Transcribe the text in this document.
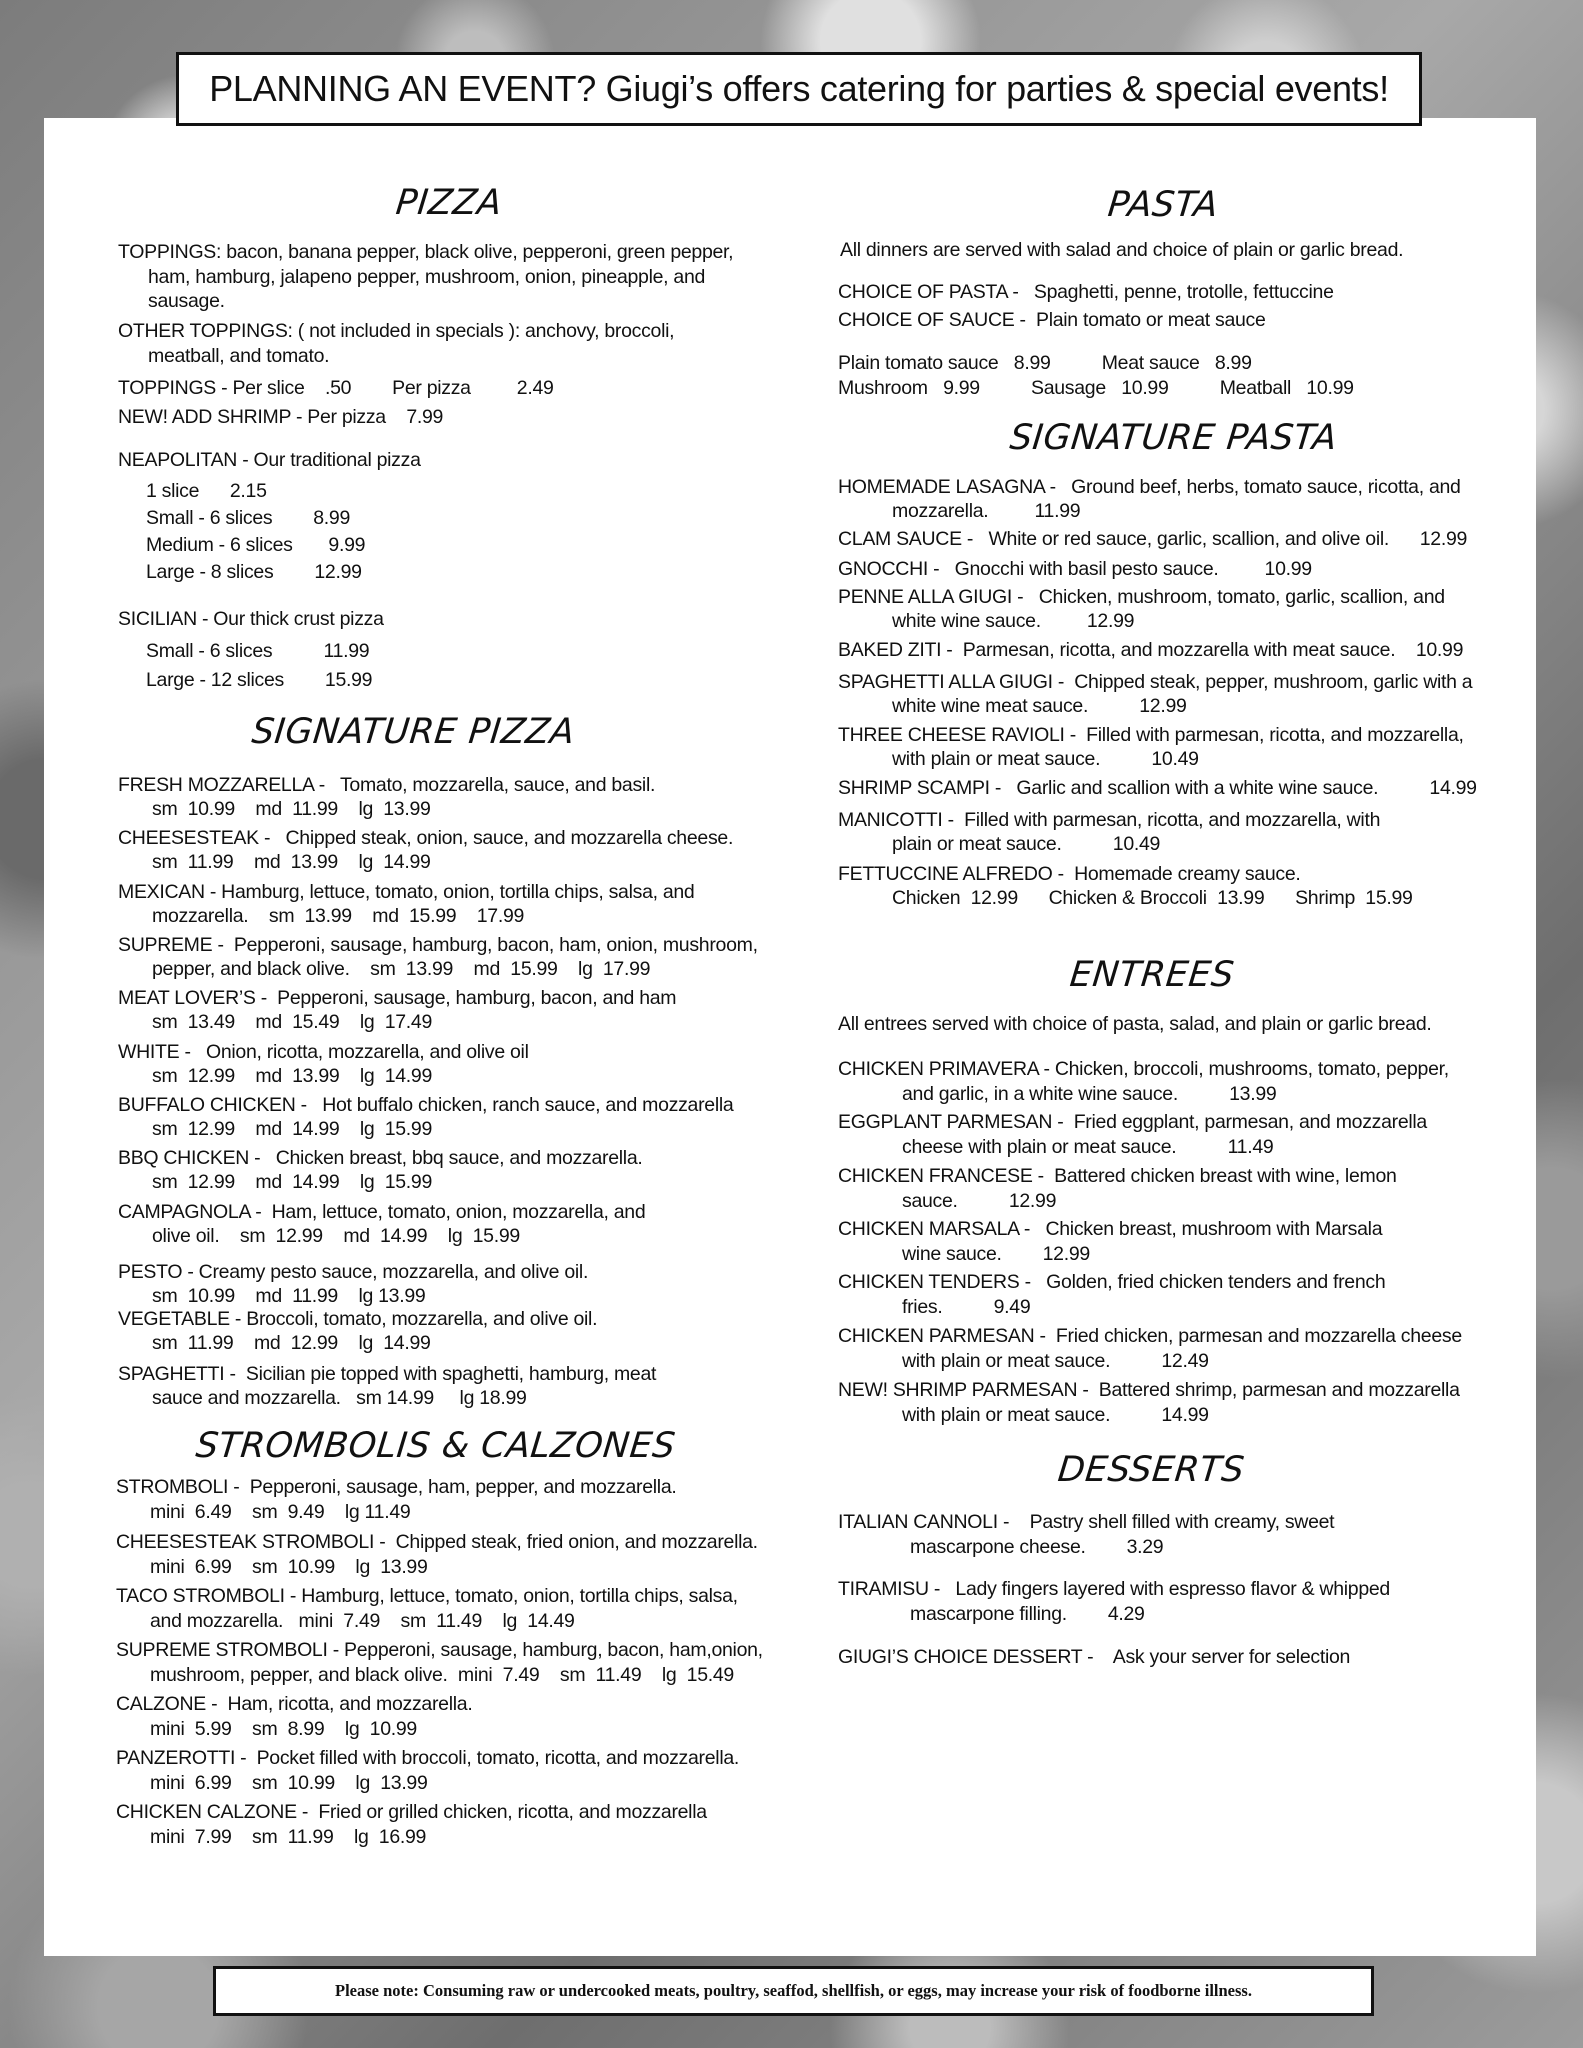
PLANNING AN EVENT? Giugi’s offers catering for parties & special events!
PIZZA
TOPPINGS: bacon, banana pepper, black olive, pepperoni, green pepper,
ham, hamburg, jalapeno pepper, mushroom, onion, pineapple, and
sausage.
OTHER TOPPINGS: ( not included in specials ): anchovy, broccoli,
meatball, and tomato.
TOPPINGS - Per slice    .50        Per pizza         2.49
NEW! ADD SHRIMP - Per pizza    7.99
NEAPOLITAN - Our traditional pizza
1 slice      2.15
Small - 6 slices        8.99
Medium - 6 slices       9.99
Large - 8 slices        12.99
SICILIAN - Our thick crust pizza
Small - 6 slices          11.99
Large - 12 slices        15.99
SIGNATURE PIZZA
FRESH MOZZARELLA -   Tomato, mozzarella, sauce, and basil.
sm  10.99    md  11.99    lg  13.99
CHEESESTEAK -   Chipped steak, onion, sauce, and mozzarella cheese.
sm  11.99    md  13.99    lg  14.99
MEXICAN - Hamburg, lettuce, tomato, onion, tortilla chips, salsa, and
mozzarella.    sm  13.99    md  15.99    17.99
SUPREME -  Pepperoni, sausage, hamburg, bacon, ham, onion, mushroom,
pepper, and black olive.    sm  13.99    md  15.99    lg  17.99
MEAT LOVER’S -  Pepperoni, sausage, hamburg, bacon, and ham
sm  13.49    md  15.49    lg  17.49
WHITE -   Onion, ricotta, mozzarella, and olive oil
sm  12.99    md  13.99    lg  14.99
BUFFALO CHICKEN -   Hot buffalo chicken, ranch sauce, and mozzarella
sm  12.99    md  14.99    lg  15.99
BBQ CHICKEN -   Chicken breast, bbq sauce, and mozzarella.
sm  12.99    md  14.99    lg  15.99
CAMPAGNOLA -  Ham, lettuce, tomato, onion, mozzarella, and
olive oil.    sm  12.99    md  14.99    lg  15.99
PESTO - Creamy pesto sauce, mozzarella, and olive oil.
sm  10.99    md  11.99    lg 13.99
VEGETABLE - Broccoli, tomato, mozzarella, and olive oil.
sm  11.99    md  12.99    lg  14.99
SPAGHETTI -  Sicilian pie topped with spaghetti, hamburg, meat
sauce and mozzarella.   sm 14.99     lg 18.99
STROMBOLIS & CALZONES
STROMBOLI -  Pepperoni, sausage, ham, pepper, and mozzarella.
mini  6.49    sm  9.49    lg 11.49
CHEESESTEAK STROMBOLI -  Chipped steak, fried onion, and mozzarella.
mini  6.99    sm  10.99    lg  13.99
TACO STROMBOLI - Hamburg, lettuce, tomato, onion, tortilla chips, salsa,
and mozzarella.   mini  7.49    sm  11.49    lg  14.49
SUPREME STROMBOLI - Pepperoni, sausage, hamburg, bacon, ham,onion,
mushroom, pepper, and black olive.  mini  7.49    sm  11.49    lg  15.49
CALZONE -  Ham, ricotta, and mozzarella.
mini  5.99    sm  8.99    lg  10.99
PANZEROTTI -  Pocket filled with broccoli, tomato, ricotta, and mozzarella.
mini  6.99    sm  10.99    lg  13.99
CHICKEN CALZONE -  Fried or grilled chicken, ricotta, and mozzarella
mini  7.99    sm  11.99    lg  16.99
PASTA
All dinners are served with salad and choice of plain or garlic bread.
CHOICE OF PASTA -   Spaghetti, penne, trotolle, fettuccine
CHOICE OF SAUCE -  Plain tomato or meat sauce
Plain tomato sauce   8.99          Meat sauce   8.99
Mushroom   9.99          Sausage   10.99          Meatball   10.99
SIGNATURE PASTA
HOMEMADE LASAGNA -   Ground beef, herbs, tomato sauce, ricotta, and
mozzarella.         11.99
CLAM SAUCE -   White or red sauce, garlic, scallion, and olive oil.      12.99
GNOCCHI -   Gnocchi with basil pesto sauce.         10.99
PENNE ALLA GIUGI -   Chicken, mushroom, tomato, garlic, scallion, and
white wine sauce.         12.99
BAKED ZITI -  Parmesan, ricotta, and mozzarella with meat sauce.    10.99
SPAGHETTI ALLA GIUGI -  Chipped steak, pepper, mushroom, garlic with a
white wine meat sauce.          12.99
THREE CHEESE RAVIOLI -  Filled with parmesan, ricotta, and mozzarella,
with plain or meat sauce.          10.49
SHRIMP SCAMPI -   Garlic and scallion with a white wine sauce.          14.99
MANICOTTI -  Filled with parmesan, ricotta, and mozzarella, with
plain or meat sauce.          10.49
FETTUCCINE ALFREDO -  Homemade creamy sauce.
Chicken  12.99      Chicken & Broccoli  13.99      Shrimp  15.99
ENTREES
All entrees served with choice of pasta, salad, and plain or garlic bread.
CHICKEN PRIMAVERA - Chicken, broccoli, mushrooms, tomato, pepper,
and garlic, in a white wine sauce.          13.99
EGGPLANT PARMESAN -  Fried eggplant, parmesan, and mozzarella
cheese with plain or meat sauce.          11.49
CHICKEN FRANCESE -  Battered chicken breast with wine, lemon
sauce.          12.99
CHICKEN MARSALA -   Chicken breast, mushroom with Marsala
wine sauce.        12.99
CHICKEN TENDERS -   Golden, fried chicken tenders and french
fries.          9.49
CHICKEN PARMESAN -  Fried chicken, parmesan and mozzarella cheese
with plain or meat sauce.          12.49
NEW! SHRIMP PARMESAN -  Battered shrimp, parmesan and mozzarella
with plain or meat sauce.          14.99
DESSERTS
ITALIAN CANNOLI -    Pastry shell filled with creamy, sweet
mascarpone cheese.        3.29
TIRAMISU -   Lady fingers layered with espresso flavor & whipped
mascarpone filling.        4.29
GIUGI’S CHOICE DESSERT -    Ask your server for selection
Please note: Consuming raw or undercooked meats, poultry, seaffod, shellfish, or eggs, may increase your risk of foodborne illness.
